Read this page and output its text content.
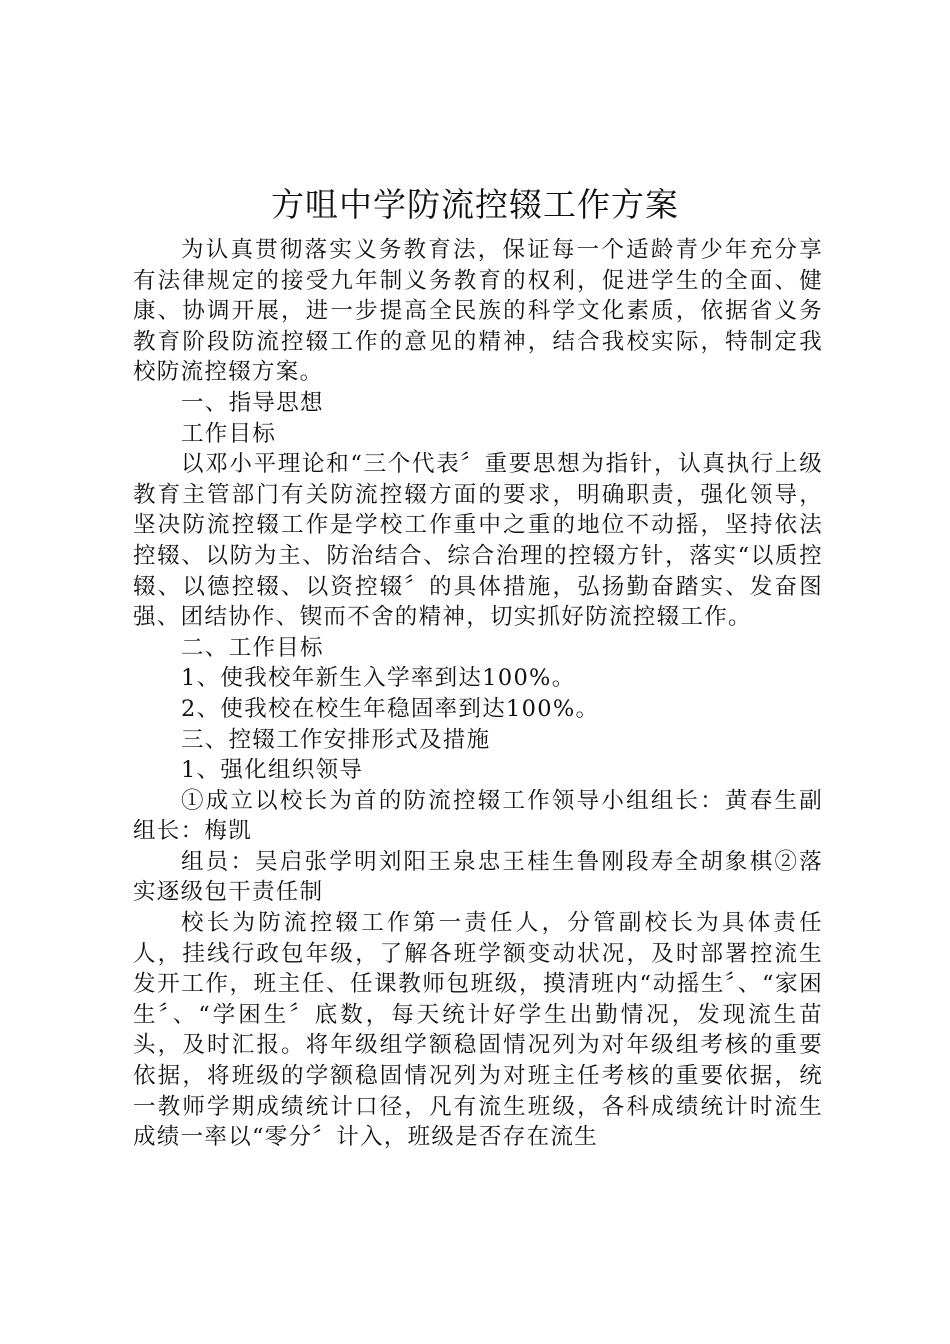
方咀中学防流控辍工作方案

为认真贯彻落实义务教育法，保证每一个适龄青少年充分享有法律规定的接受九年制义务教育的权利，促进学生的全面、健康、协调开展，进一步提高全民族的科学文化素质，依据省义务教育阶段防流控辍工作的意见的精神，结合我校实际，特制定我校防流控辍方案。

一、指导思想

工作目标

以邓小平理论和“三个代表〞重要思想为指针，认真执行上级教育主管部门有关防流控辍方面的要求，明确职责，强化领导，坚决防流控辍工作是学校工作重中之重的地位不动摇，坚持依法控辍、以防为主、防治结合、综合治理的控辍方针，落实“以质控辍、以德控辍、以资控辍〞的具体措施，弘扬勤奋踏实、发奋图强、团结协作、锲而不舍的精神，切实抓好防流控辍工作。

二、工作目标

1、使我校年新生入学率到达100%。

2、使我校在校生年稳固率到达100%。

三、控辍工作安排形式及措施

1、强化组织领导

①成立以校长为首的防流控辍工作领导小组组长：黄春生副组长：梅凯

组员：吴启张学明刘阳王泉忠王桂生鲁刚段寿全胡象棋②落实逐级包干责任制

校长为防流控辍工作第一责任人，分管副校长为具体责任人，挂线行政包年级，了解各班学额变动状况，及时部署控流生发开工作，班主任、任课教师包班级，摸清班内“动摇生〞、“家困生〞、“学困生〞底数，每天统计好学生出勤情况，发现流生苗头，及时汇报。将年级组学额稳固情况列为对年级组考核的重要依据，将班级的学额稳固情况列为对班主任考核的重要依据，统一教师学期成绩统计口径，凡有流生班级，各科成绩统计时流生成绩一率以“零分〞计入，班级是否存在流生
